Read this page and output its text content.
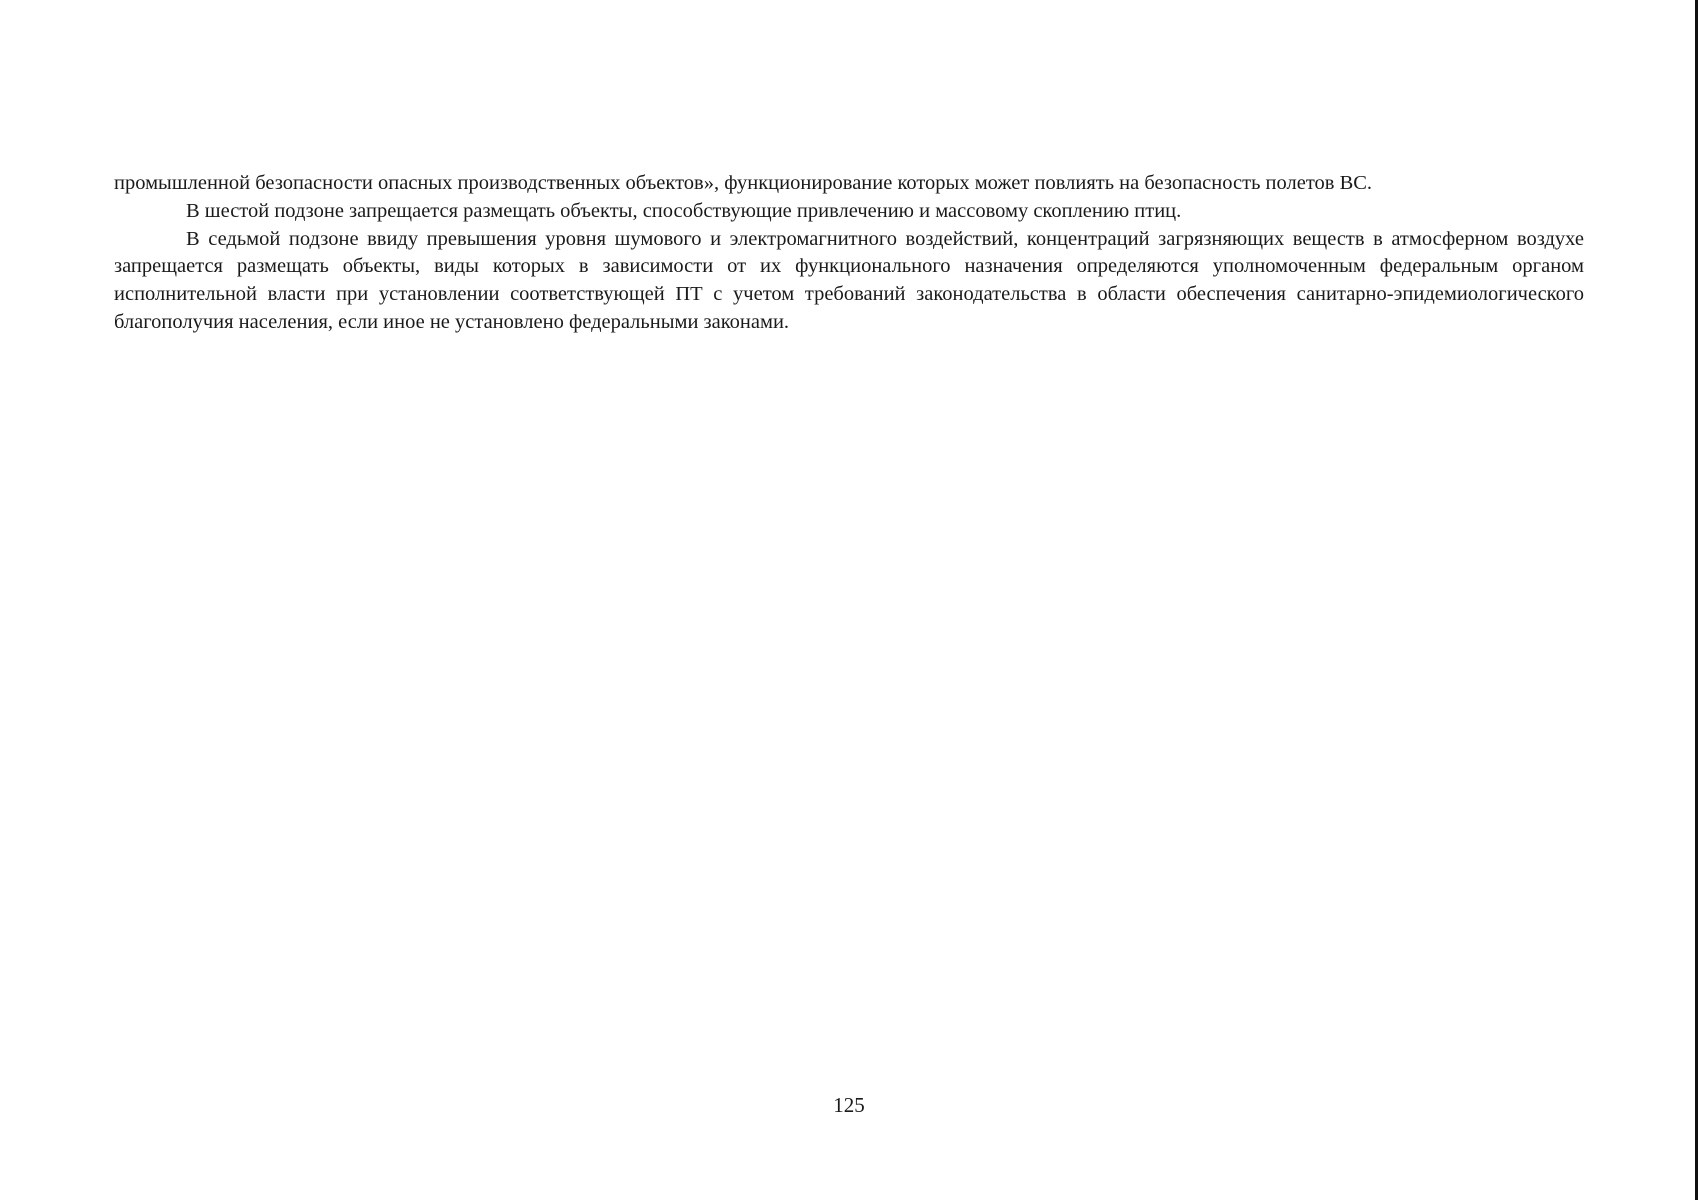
промышленной безопасности опасных производственных объектов», функционирование которых может повлиять на безопасность полетов ВС.

В шестой подзоне запрещается размещать объекты, способствующие привлечению и массовому скоплению птиц.

В седьмой подзоне ввиду превышения уровня шумового и электромагнитного воздействий, концентраций загрязняющих веществ в атмосферном воздухе запрещается размещать объекты, виды которых в зависимости от их функционального назначения определяются уполномоченным федеральным органом исполнительной власти при установлении соответствующей ПТ с учетом требований законодательства в области обеспечения санитарно-эпидемиологического благополучия населения, если иное не установлено федеральными законами.

125
